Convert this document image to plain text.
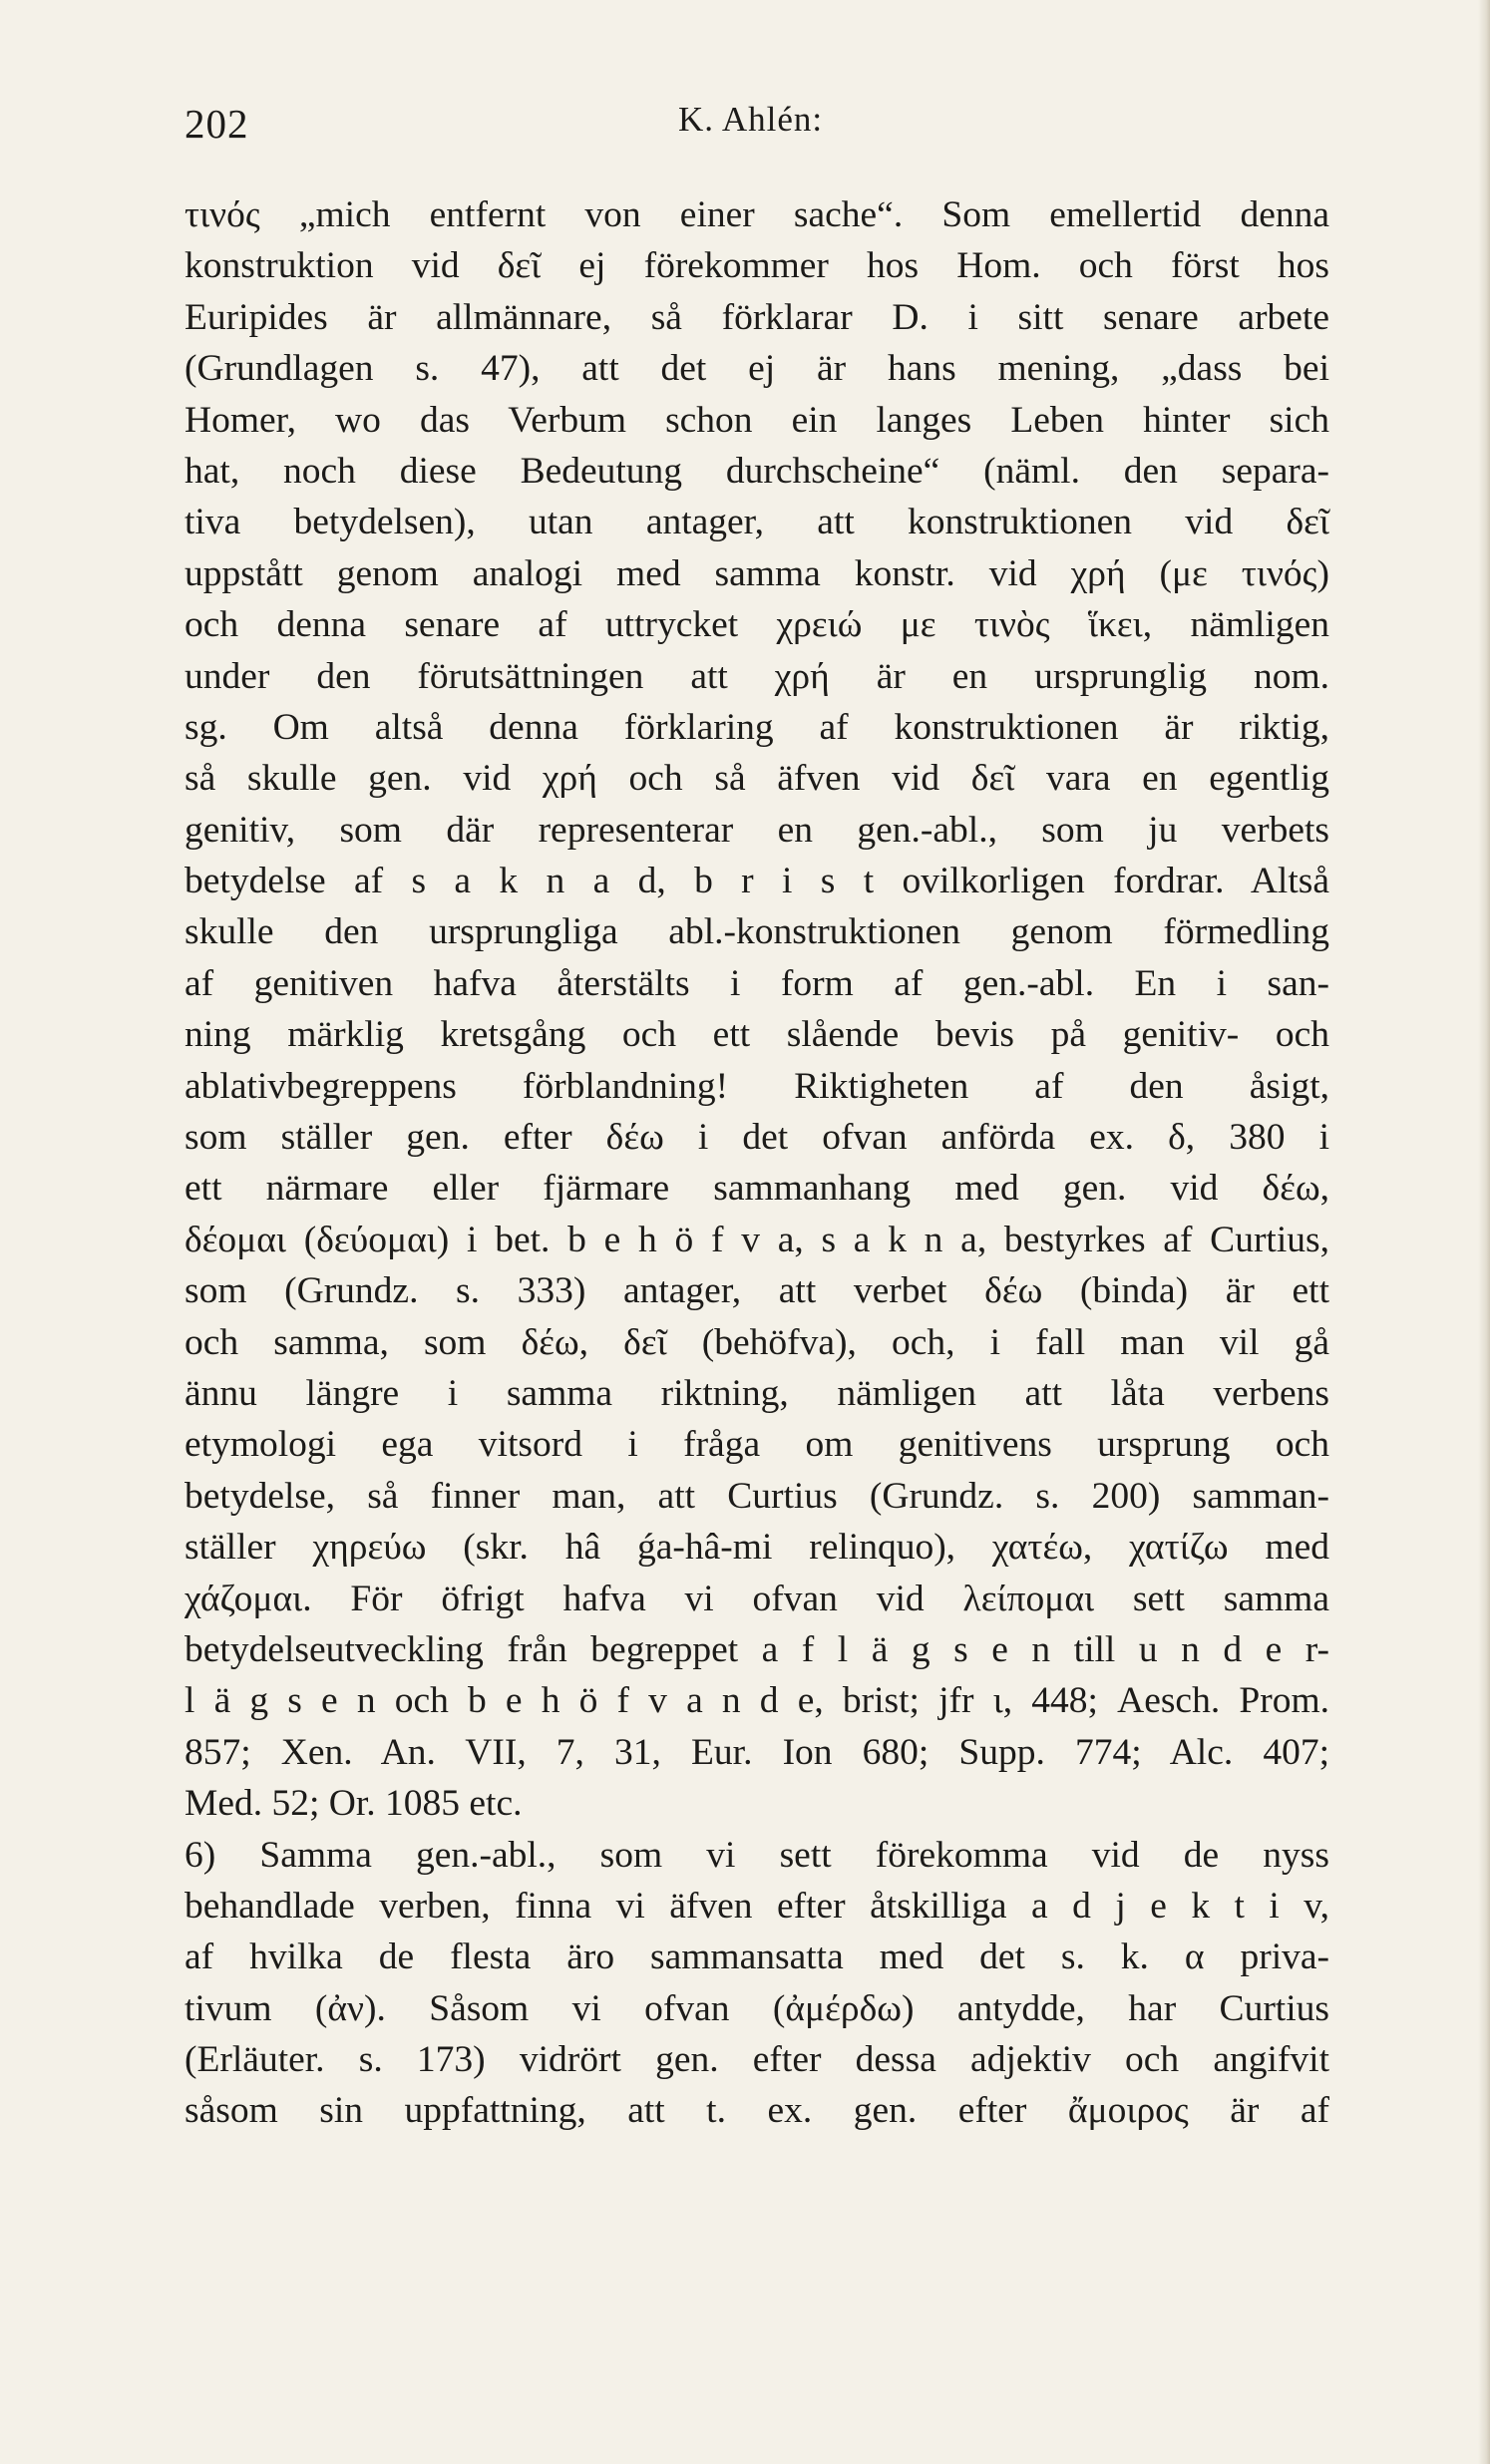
202	K. Ahlén:
τινός „mich entfernt von einer sache“. Som emellertid denna
konstruktion vid δεῖ ej förekommer hos Hom. och först hos
Euripides är allmännare, så förklarar D. i sitt senare arbete
(Grundlagen s. 47), att det ej är hans mening, „dass bei
Homer, wo das Verbum schon ein langes Leben hinter sich
hat, noch diese Bedeutung durchscheine“ (näml. den separa-
tiva betydelsen), utan antager, att konstruktionen vid δεῖ
uppstått genom analogi med samma konstr. vid χρή (με τινός)
och denna senare af uttrycket χρειώ με τινὸς ἵκει, nämligen
under den förutsättningen att χρή är en ursprunglig nom.
sg. Om altså denna förklaring af konstruktionen är riktig,
så skulle gen. vid χρή och så äfven vid δεῖ vara en egentlig
genitiv, som där representerar en gen.-abl., som ju verbets
betydelse af s a k n a d, b r i s t ovilkorligen fordrar. Altså
skulle den ursprungliga abl.-konstruktionen genom förmedling
af genitiven hafva återstälts i form af gen.-abl. En i san-
ning märklig kretsgång och ett slående bevis på genitiv- och
ablativbegreppens förblandning! Riktigheten af den åsigt,
som ställer gen. efter δέω i det ofvan anförda ex. δ, 380 i
ett närmare eller fjärmare sammanhang med gen. vid δέω,
δέομαι (δεύομαι) i bet. b e h ö f v a, s a k n a, bestyrkes af Curtius,
som (Grundz. s. 333) antager, att verbet δέω (binda) är ett
och samma, som δέω, δεῖ (behöfva), och, i fall man vil gå
ännu längre i samma riktning, nämligen att låta verbens
etymologi ega vitsord i fråga om genitivens ursprung och
betydelse, så finner man, att Curtius (Grundz. s. 200) samman-
ställer χηρεύω (skr. hâ ǵa-hâ-mi relinquo), χατέω, χατίζω med
χάζομαι. För öfrigt hafva vi ofvan vid λείπομαι sett samma
betydelseutveckling från begreppet a f l ä g s e n till u n d e r-
l ä g s e n och b e h ö f v a n d e, brist; jfr ι, 448; Aesch. Prom.
857; Xen. An. VII, 7, 31, Eur. Ion 680; Supp. 774; Alc. 407;
Med. 52; Or. 1085 etc.
6) Samma gen.-abl., som vi sett förekomma vid de nyss
behandlade verben, finna vi äfven efter åtskilliga a d j e k t i v,
af hvilka de flesta äro sammansatta med det s. k. α priva-
tivum (ἀν). Såsom vi ofvan (ἀμέρδω) antydde, har Curtius
(Erläuter. s. 173) vidrört gen. efter dessa adjektiv och angifvit
såsom sin uppfattning, att t. ex. gen. efter ἄμοιρος är af
